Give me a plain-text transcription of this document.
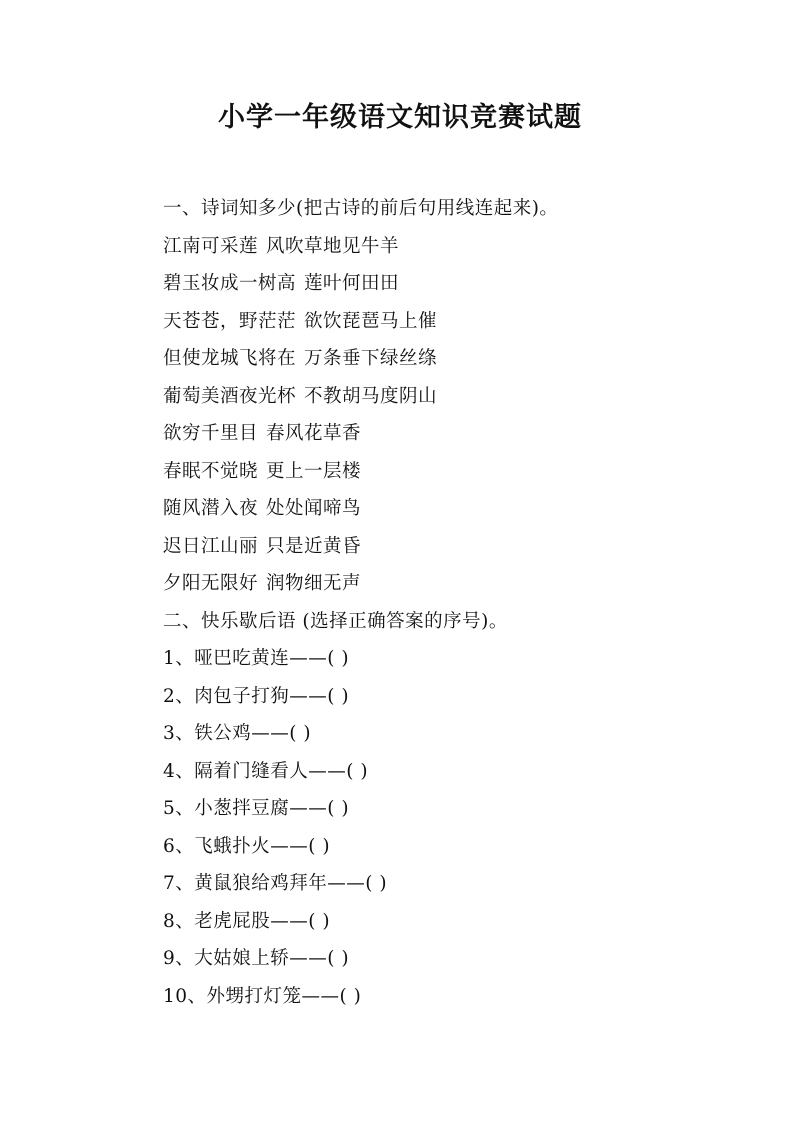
小学一年级语文知识竞赛试题
一、诗词知多少(把古诗的前后句用线连起来)。
江南可采莲 风吹草地见牛羊
碧玉妆成一树高 莲叶何田田
天苍苍，野茫茫 欲饮琵琶马上催
但使龙城飞将在 万条垂下绿丝绦
葡萄美酒夜光杯 不教胡马度阴山
欲穷千里目 春风花草香
春眠不觉晓 更上一层楼
随风潜入夜 处处闻啼鸟
迟日江山丽 只是近黄昏
夕阳无限好 润物细无声
二、快乐歇后语 (选择正确答案的序号)。
1、哑巴吃黄连——( )
2、肉包子打狗——( )
3、铁公鸡——( )
4、隔着门缝看人——( )
5、小葱拌豆腐——( )
6、飞蛾扑火——( )
7、黄鼠狼给鸡拜年——( )
8、老虎屁股——( )
9、大姑娘上轿——( )
10、外甥打灯笼——( )
